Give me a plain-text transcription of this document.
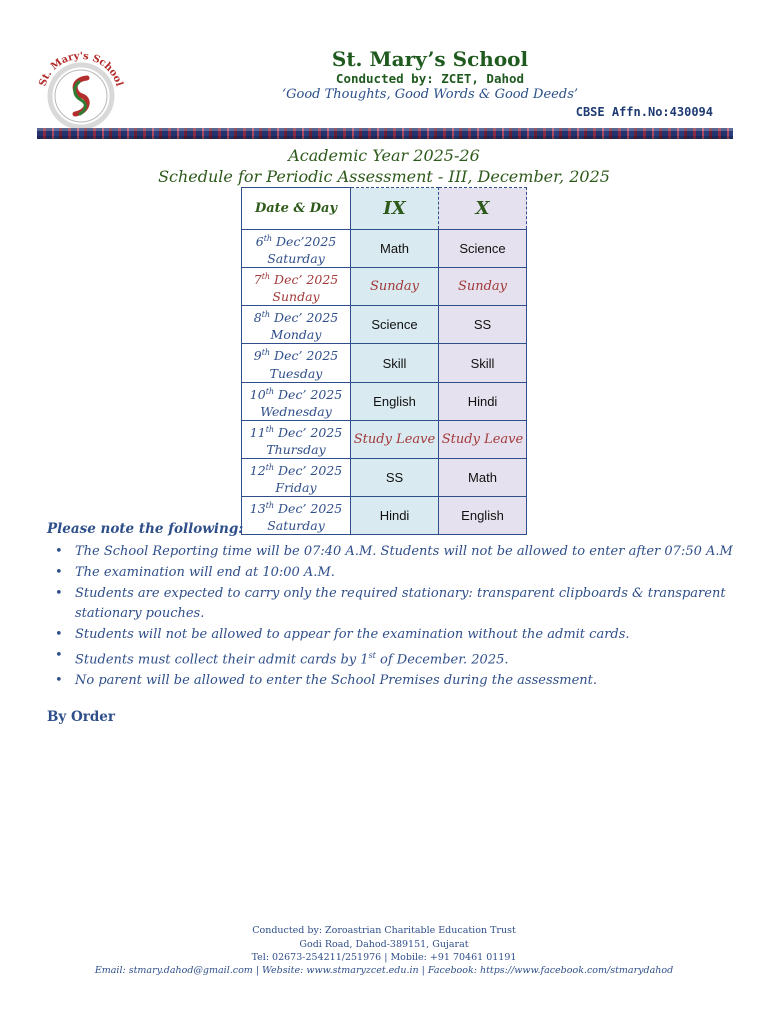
St. Mary's School
St. Mary’s School
Conducted by: ZCET, Dahod
‘Good Thoughts, Good Words & Good Deeds’
CBSE Affn.No:430094
Academic Year 2025-26
Schedule for Periodic Assessment - III, December, 2025
Date & Day	IX	X

6th Dec’2025
Saturday	Math	Science

7th Dec’ 2025
Sunday	Sunday	Sunday

8th Dec’ 2025
Monday	Science	SS

9th Dec’ 2025
Tuesday	Skill	Skill

10th Dec’ 2025
Wednesday	English	Hindi

11th Dec’ 2025
Thursday	Study Leave	Study Leave

12th Dec’ 2025
Friday	SS	Math

13th Dec’ 2025
Saturday	Hindi	English
Please note the following:
• The School Reporting time will be 07:40 A.M. Students will not be allowed to enter after 07:50 A.M
• The examination will end at 10:00 A.M.
• Students are expected to carry only the required stationary: transparent clipboards & transparent stationary pouches.
• Students will not be allowed to appear for the examination without the admit cards.
• Students must collect their admit cards by 1st of December. 2025.
• No parent will be allowed to enter the School Premises during the assessment.
By Order
Conducted by: Zoroastrian Charitable Education Trust
Godi Road, Dahod-389151, Gujarat
Tel: 02673-254211/251976 | Mobile: +91 70461 01191
Email: stmary.dahod@gmail.com | Website: www.stmaryzcet.edu.in | Facebook: https://www.facebook.com/stmarydahod
